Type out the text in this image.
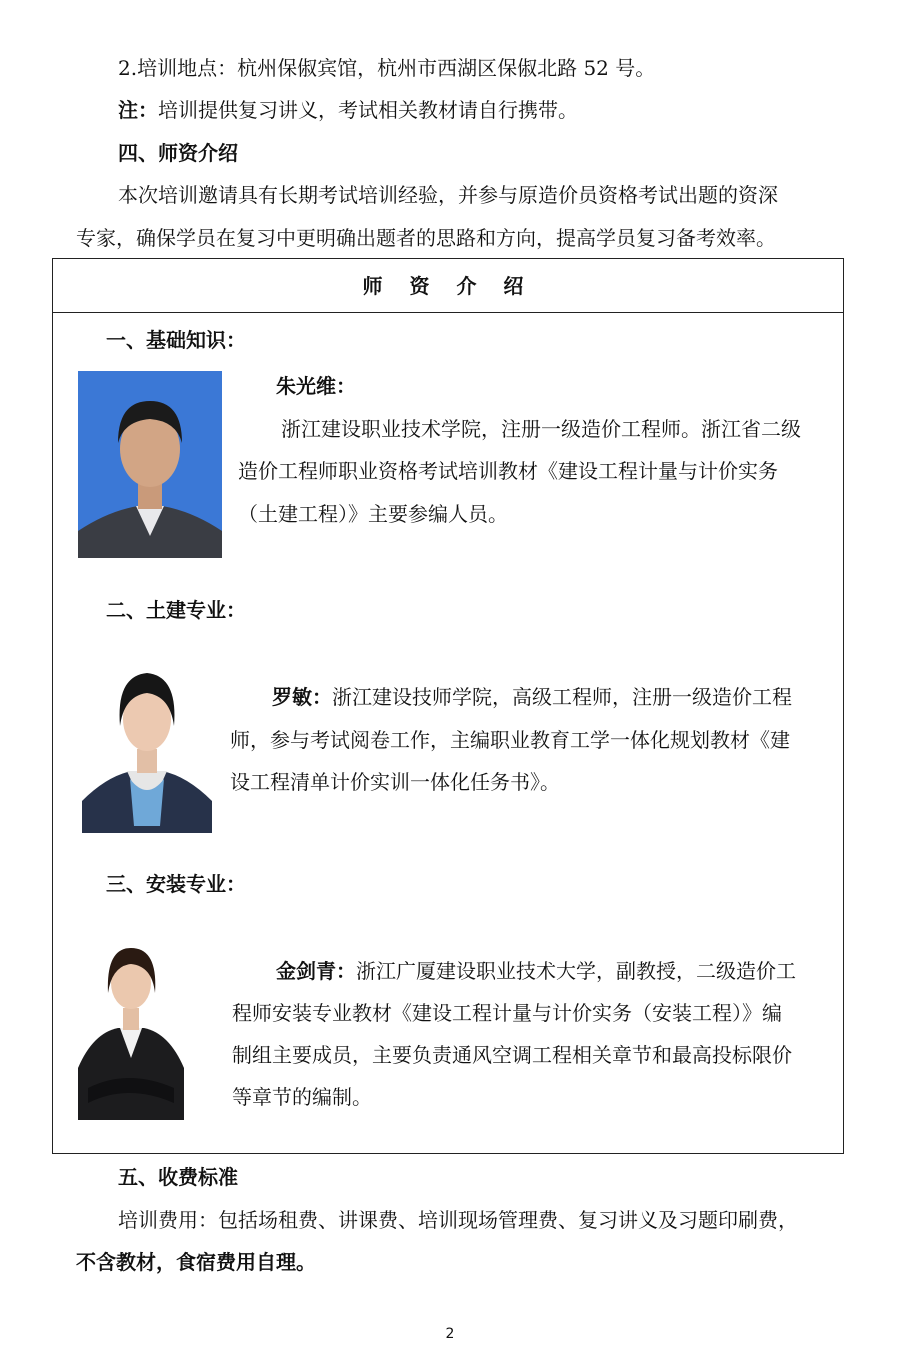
2.培训地点：杭州保俶宾馆，杭州市西湖区保俶北路 52 号。
注：培训提供复习讲义，考试相关教材请自行携带。
四、师资介绍
本次培训邀请具有长期考试培训经验，并参与原造价员资格考试出题的资深
专家，确保学员在复习中更明确出题者的思路和方向，提高学员复习备考效率。
师 资 介 绍
一、基础知识：
朱光维：
浙江建设职业技术学院，注册一级造价工程师。浙江省二级
造价工程师职业资格考试培训教材《建设工程计量与计价实务
（土建工程）》主要参编人员。
二、土建专业：
罗敏：浙江建设技师学院，高级工程师，注册一级造价工程
师，参与考试阅卷工作，主编职业教育工学一体化规划教材《建
设工程清单计价实训一体化任务书》。
三、安装专业：
金剑青：浙江广厦建设职业技术大学，副教授，二级造价工
程师安装专业教材《建设工程计量与计价实务（安装工程）》编
制组主要成员，主要负责通风空调工程相关章节和最高投标限价
等章节的编制。
五、收费标准
培训费用：包括场租费、讲课费、培训现场管理费、复习讲义及习题印刷费，
不含教材，食宿费用自理。
2
